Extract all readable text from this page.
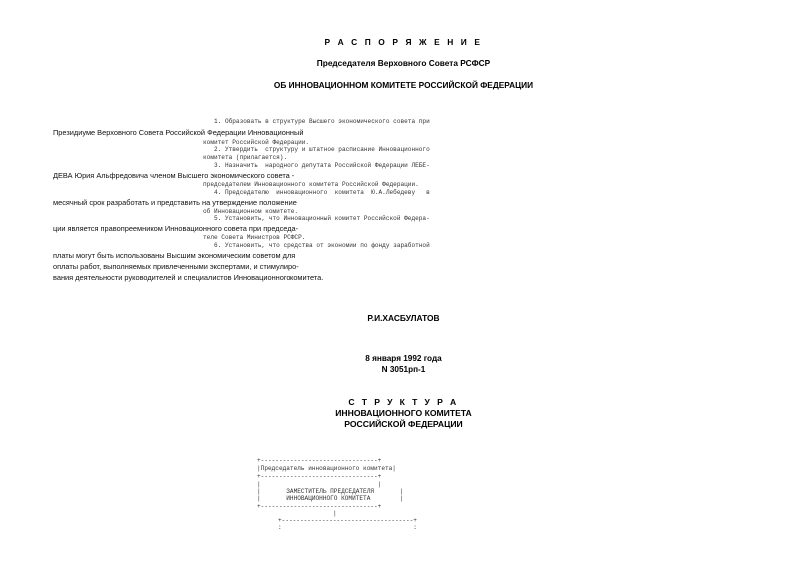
Р А С П О Р Я Ж Е Н И Е
Председателя Верховного Совета РСФСР
ОБ ИННОВАЦИОННОМ КОМИТЕТЕ РОССИЙСКОЙ ФЕДЕРАЦИИ
1. Образовать в структуре Высшего экономического совета при
Президиуме Верховного Совета Российской Федерации Инновационный
комитет Российской Федерации.
2. Утвердить  структуру и штатное расписание Инновационного
комитета (прилагается).
3. Назначить  народного депутата Российской Федерации ЛЕБЕ-
ДЕВА Юрия Альфредовича членом Высшего экономического совета -
председателем Инновационного комитета Российской Федерации.
4. Председателю  инновационного  комитета  Ю.А.Лебедеву   в
месячный срок разработать и представить на утверждение положение
об Инновационном комитете.
5. Установить, что Инновационный комитет Российской Федера-
ции является правопреемником Инновационного совета при председа-
теле Совета Министров РСФСР.
6. Установить, что средства от экономии по фонду заработной
платы могут быть использованы Высшим экономическим советом для
оплаты работ, выполняемых привлеченными экспертами, и стимулиро-
вания деятельности руководителей и специалистов Инновационного комитета.
Р.И.ХАСБУЛАТОВ
8 января 1992 года
N 3051рп-1
С Т Р У К Т У Р А
ИННОВАЦИОННОГО КОМИТЕТА
РОССИЙСКОЙ ФЕДЕРАЦИИ
+--------------------------------+
|Председатель инновационного комитета|
+--------------------------------+
|                                |
|       ЗАМЕСТИТЕЛЬ ПРЕДСЕДАТЕЛЯ       |
|       ИННОВАЦИОННОГО КОМИТЕТА        |
+--------------------------------+
|
+------------------------------------+
:                                    :
